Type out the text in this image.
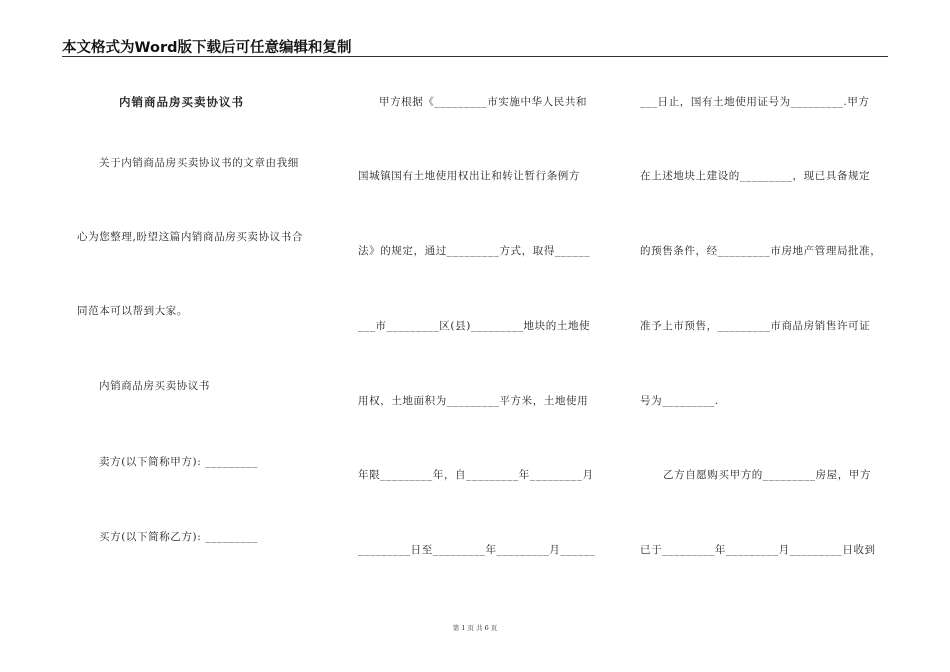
本文格式为Word版下载后可任意编辑和复制
内销商品房买卖协议书
关于内销商品房买卖协议书的文章由我细
心为您整理,盼望这篇内销商品房买卖协议书合
同范本可以帮到大家。
内销商品房买卖协议书
卖方(以下简称甲方): _________
买方(以下简称乙方): _________
甲方根据《_________市实施中华人民共和
国城镇国有土地使用权出让和转让暂行条例方
法》的规定，通过_________方式，取得______
___市_________区(县)_________地块的土地使
用权，土地面积为_________平方米，土地使用
年限_________年，自_________年_________月
_________日至_________年_________月______
___日止，国有土地使用证号为_________.甲方
在上述地块上建设的_________，现已具备规定
的预售条件，经_________市房地产管理局批准，
准予上市预售，_________市商品房销售许可证
号为_________.
乙方自愿购买甲方的_________房屋，甲方
已于_________年_________月_________日收到
第 1 页 共 6 页
